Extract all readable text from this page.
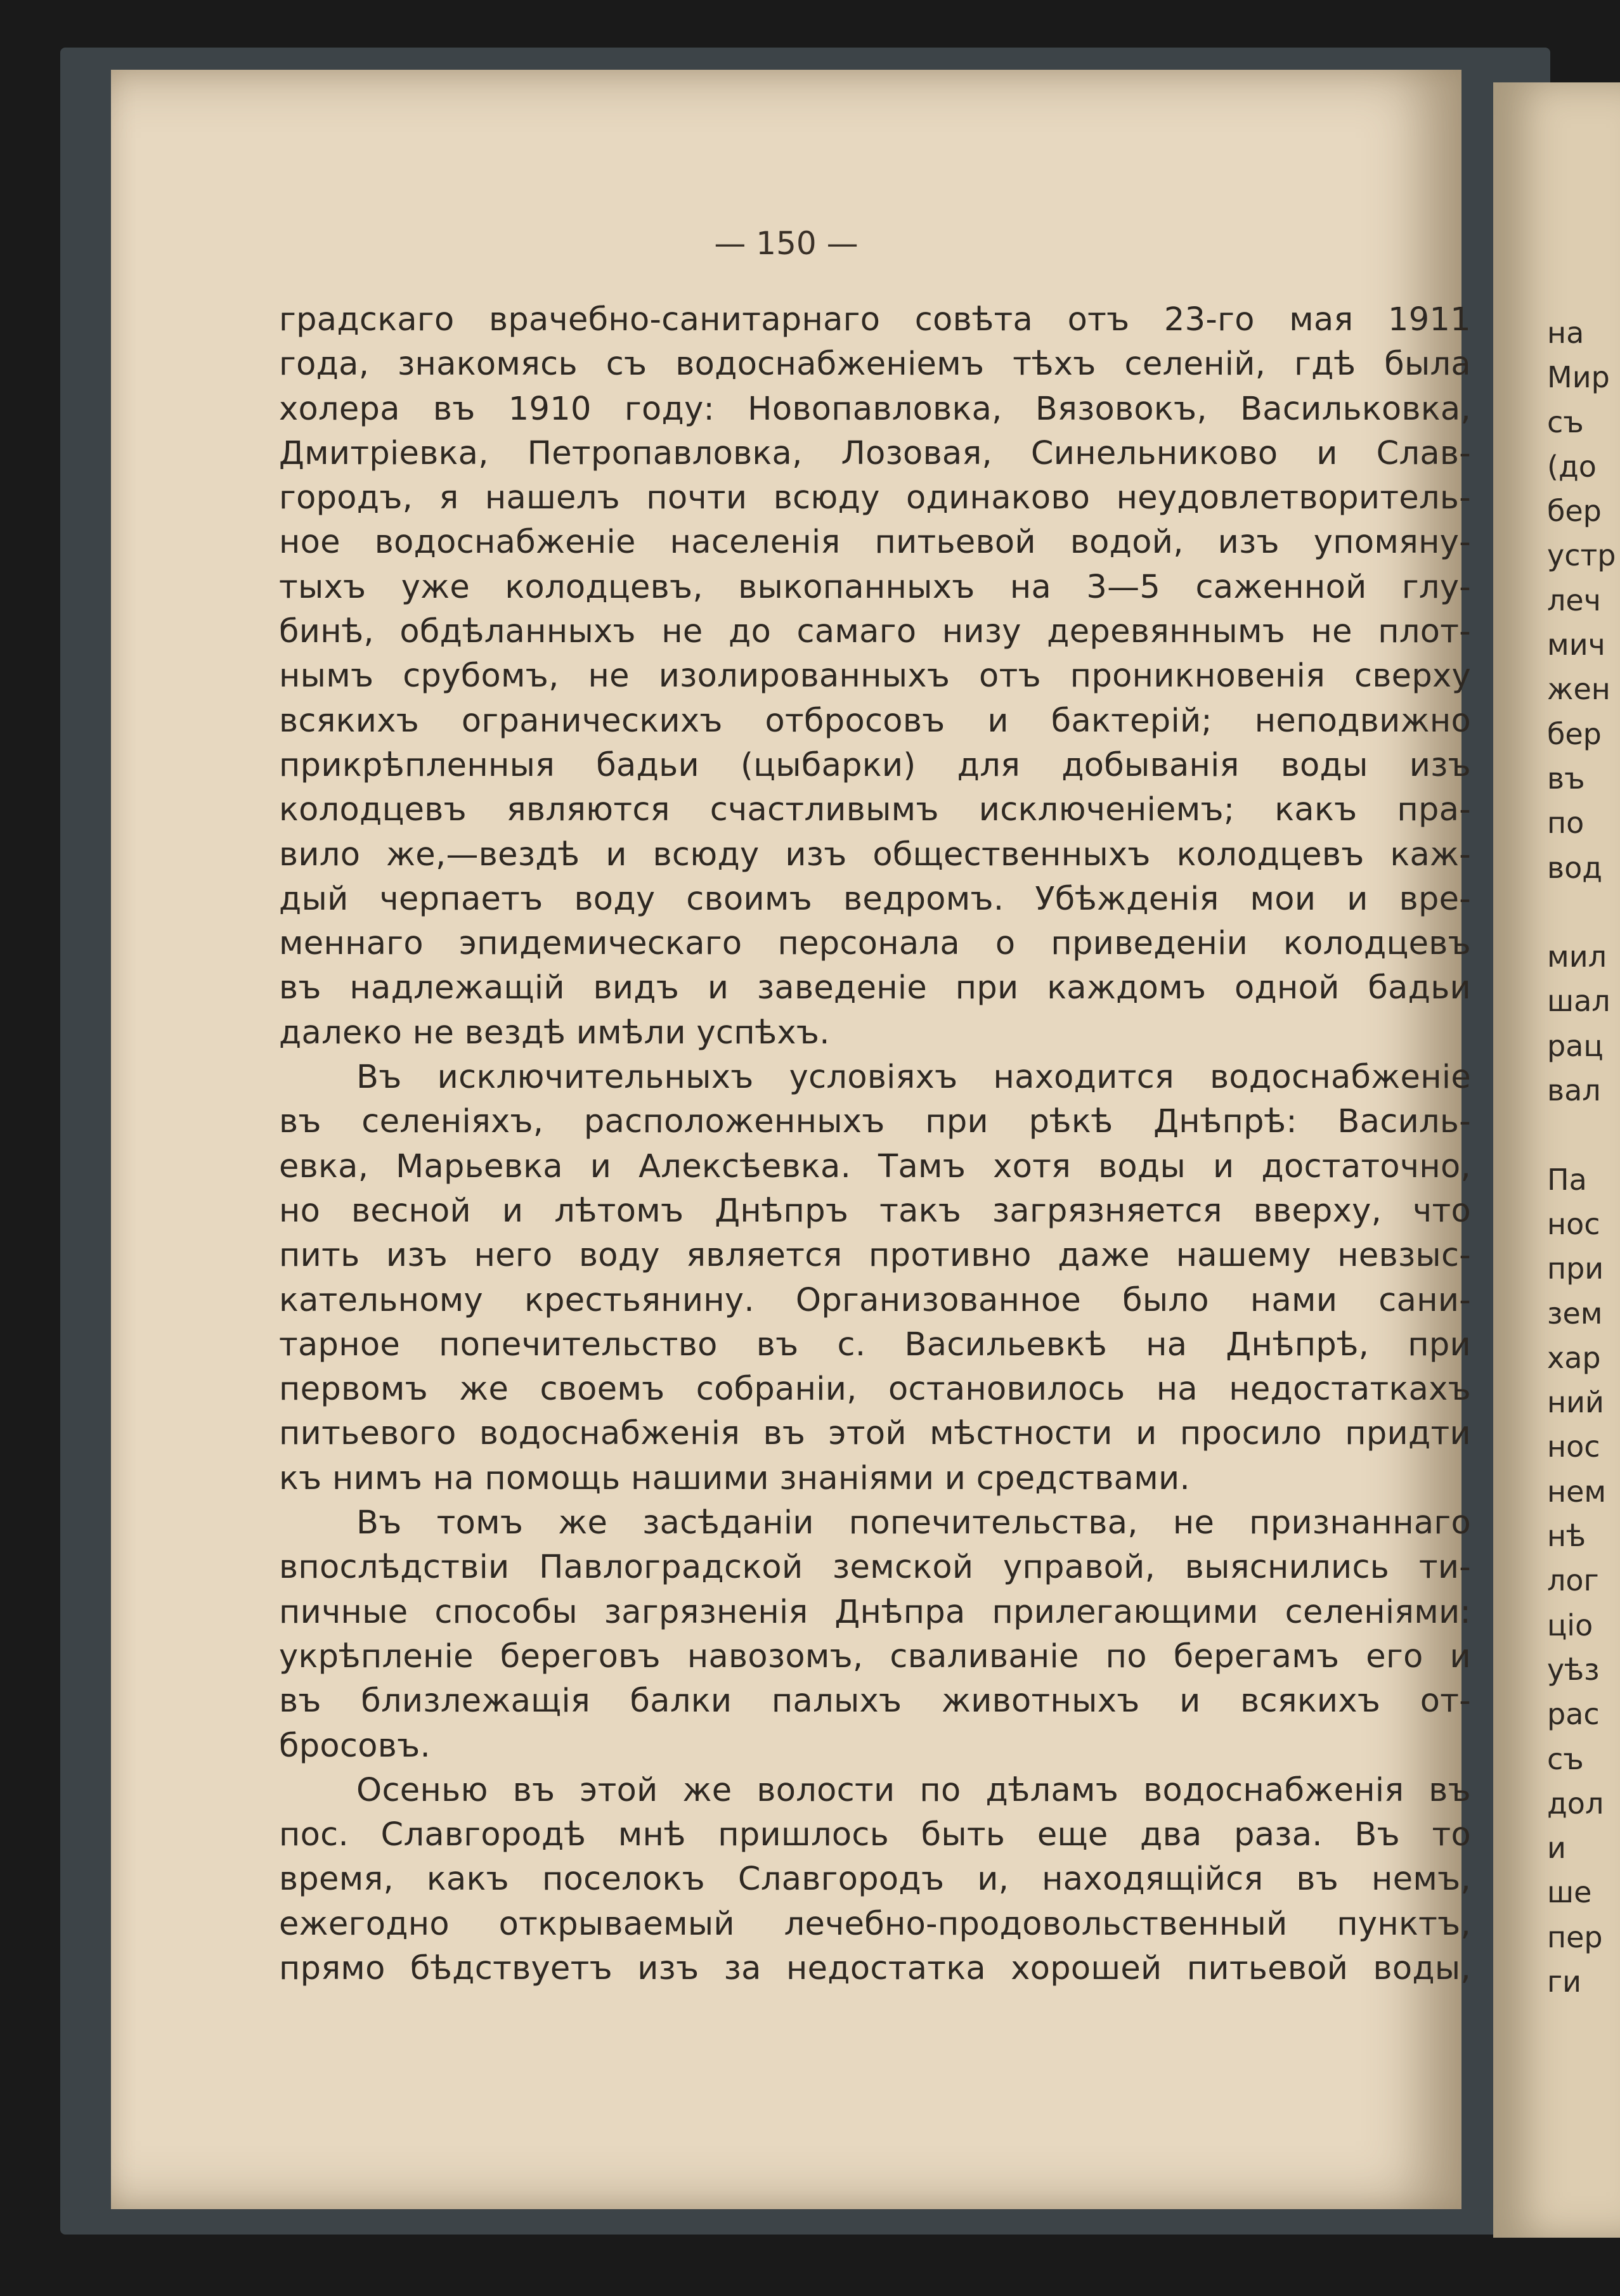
— 150 —
градскаго врачебно-санитарнаго совѣта отъ 23-го мая 1911
года, знакомясь съ водоснабженiемъ тѣхъ селенiй, гдѣ была
холера въ 1910 году: Новопавловка, Вязовокъ, Васильковка,
Дмитрiевка, Петропавловка, Лозовая, Синельниково и Слав-
городъ, я нашелъ почти всюду одинаково неудовлетворитель-
ное водоснабженiе населенiя питьевой водой, изъ упомяну-
тыхъ уже колодцевъ, выкопанныхъ на 3—5 саженной глу-
бинѣ, обдѣланныхъ не до самаго низу деревяннымъ не плот-
нымъ срубомъ, не изолированныхъ отъ проникновенiя сверху
всякихъ ограническихъ отбросовъ и бактерiй; неподвижно
прикрѣпленныя бадьи (цыбарки) для добыванiя воды изъ
колодцевъ являются счастливымъ исключенiемъ; какъ пра-
вило же,—вездѣ и всюду изъ общественныхъ колодцевъ каж-
дый черпаетъ воду своимъ ведромъ. Убѣжденiя мои и вре-
меннаго эпидемическаго персонала о приведенiи колодцевъ
въ надлежащiй видъ и заведенiе при каждомъ одной бадьи
далеко не вездѣ имѣли успѣхъ.
Въ исключительныхъ условiяхъ находится водоснабженiе
въ селенiяхъ, расположенныхъ при рѣкѣ Днѣпрѣ: Василь-
евка, Марьевка и Алексѣевка. Тамъ хотя воды и достаточно,
но весной и лѣтомъ Днѣпръ такъ загрязняется вверху, что
пить изъ него воду является противно даже нашему невзыс-
кательному крестьянину. Организованное было нами сани-
тарное попечительство въ с. Васильевкѣ на Днѣпрѣ, при
первомъ же своемъ собранiи, остановилось на недостаткахъ
питьевого водоснабженiя въ этой мѣстности и просило придти
къ нимъ на помощь нашими знанiями и средствами.
Въ томъ же засѣданiи попечительства, не признаннаго
впослѣдствiи Павлоградской земской управой, выяснились ти-
пичные способы загрязненiя Днѣпра прилегающими селенiями:
укрѣпленiе береговъ навозомъ, сваливанiе по берегамъ его и
въ близлежащiя балки палыхъ животныхъ и всякихъ от-
бросовъ.
Осенью въ этой же волости по дѣламъ водоснабженiя въ
пос. Славгородѣ мнѣ пришлось быть еще два раза. Въ то
время, какъ поселокъ Славгородъ и, находящiйся въ немъ,
ежегодно открываемый лечебно-продовольственный пунктъ,
прямо бѣдствуетъ изъ за недостатка хорошей питьевой воды,
на
Мир
съ
(до
бер
устр
леч
мич
жен
бер
въ
по
вод
мил
шал
рац
вал
Па
нос
при
зем
хар
ний
нос
нем
нѣ
лог
цiо
уѣз
рас
съ
дол
и
ше
пер
ги
